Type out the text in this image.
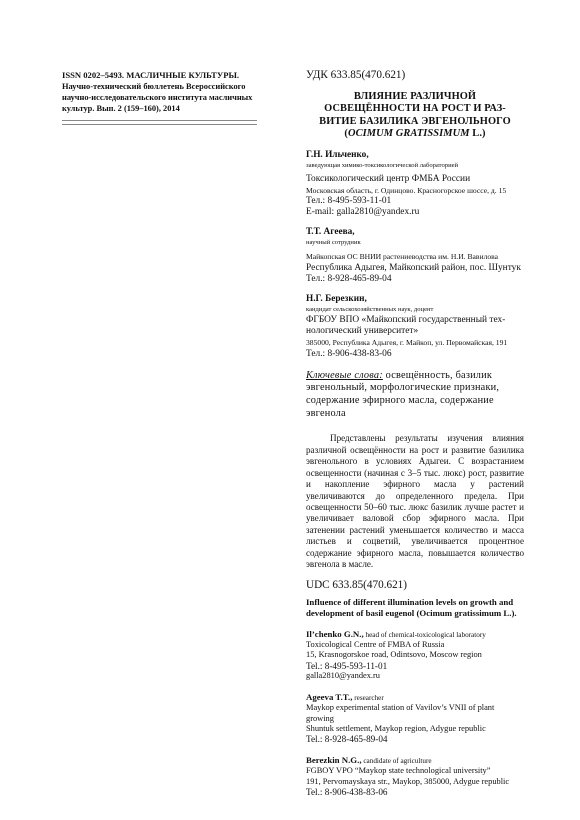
ISSN 0202–5493. МАСЛИЧНЫЕ КУЛЬТУРЫ.
Научно-технический бюллетень Всероссийского
научно-исследовательского института масличных
культур. Вып. 2 (159–160), 2014
УДК 633.85(470.621)
ВЛИЯНИЕ РАЗЛИЧНОЙ
ОСВЕЩЁННОСТИ НА РОСТ И РАЗ-
ВИТИЕ БАЗИЛИКА ЭВГЕНОЛЬНОГО
(OCIMUM GRATISSIMUM L.)
Г.Н. Ильченко,
заведующая химико-токсикологической лабораторией
Токсикологический центр ФМБА России
Московская область, г. Одинцово. Красногорское шоссе, д. 15
Тел.: 8-495-593-11-01
E-mail: galla2810@yandex.ru
Т.Т. Агеева,
научный сотрудник
Майкопская ОС ВНИИ растениеводства им. Н.И. Вавилова
Республика Адыгея, Майкопский район, пос. Шунтук
Тел.: 8-928-465-89-04
Н.Г. Березкин,
кандидат сельскохозяйственных наук, доцент
ФГБОУ ВПО «Майкопский государственный тех-
нологический университет»
385000, Республика Адыгея, г. Майкоп, ул. Первомайская, 191
Тел.: 8-906-438-83-06
Ключевые слова: освещённость, базилик эвгенольный, морфологические признаки, содержание эфирного масла, содержание эвгенола
Представлены результаты изучения влияния различной освещённости на рост и развитие базилика эвгенольного в условиях Адыгеи. С возрастанием освещенности (начиная с 3–5 тыс. люкс) рост, развитие и накопление эфирного масла у растений увеличиваются до определенного предела. При освещенности 50–60 тыс. люкс базилик лучше растет и увеличивает валовой сбор эфирного масла. При затенении растений уменьшается количество и масса листьев и соцветий, увеличивается процентное содержание эфирного масла, повышается количество эвгенола в масле.
UDC 633.85(470.621)
Influence of different illumination levels on growth and development of basil eugenol (Ocimum gratissimum L.).
Il’chenko G.N., head of chemical-toxicological laboratory
Toxicological Centre of FMBA of Russia
15, Krasnogorskoe road, Odintsovo, Moscow region
Tel.: 8-495-593-11-01
galla2810@yandex.ru
Ageeva T.T., researcher
Maykop experimental station of Vavilov’s VNII of plant growing
Shuntuk settlement, Maykop region, Adygue republic
Tel.: 8-928-465-89-04
Berezkin N.G., candidate of agriculture
FGBOY VPO “Maykop state technological university”
191, Pervomayskaya str., Maykop, 385000, Adygue republic
Tel.: 8-906-438-83-06
